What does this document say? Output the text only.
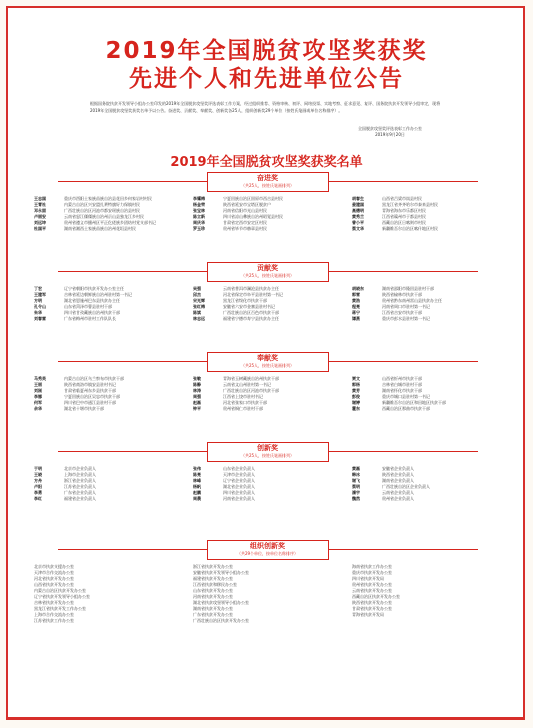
2019年全国脱贫攻坚奖获奖
先进个人和先进单位公告
根据国务院扶贫开发领导小组办公室印发的2019年全国脱贫攻坚奖评选表彰工作方案，经过组织推荐、资格审核、初评、网络投票、实地考察、征求意见、复评、国务院扶贫开发领导小组审定，现将2019年全国脱贫攻坚奖获奖名单予以公告。奋进奖、贡献奖、奉献奖、创新奖各25人，组织创新奖29个单位（按姓氏笔画或单位名称排序）。
全国脱贫攻坚奖评选表彰工作办公室
2019年9月20日
2019年全国脱贫攻坚奖获奖名单
奋进奖
（共25人，按姓氏笔画排列）
王志国	重庆市酉阳土家族苗族自治县花田乡何家岩村村民
王青社	内蒙古自治区兴安盟扎赉特旗好力保镇村民
邓永固	广西壮族自治区河池市都安瑶族自治县村民
卢丽安	云南省怒江傈僳族自治州贡山县独龙江乡村民
刘远坤	贵州省遵义市播州区平正仡佬族乡团结村党支部书记
杜国平	湖南省湘西土家族苗族自治州花垣县村民
李耀梅	宁夏回族自治区固原市西吉县村民
杨金荣	陕西省延安市宝塔区脱贫户
张宝林	河南省信阳市光山县村民
陈立新	四川省凉山彝族自治州昭觉县村民
周庆华	甘肃省定西市安定区村民
罗玉珍	贵州省毕节市赫章县村民
胡春生	山西省吕梁市岚县村民
姜建国	黑龙江省齐齐哈尔市泰来县村民
高德明	青海省海东市乐都区村民
黄秀兰	江西省赣州市于都县村民
曾小平	西藏自治区日喀则市村民
蔡文华	新疆维吾尔自治区喀什地区村民
贡献奖
（共25人，按姓氏笔画排列）
丁宏	辽宁省朝阳市扶贫开发办公室主任
王建军	吉林省延边朝鲜族自治州驻村第一书记
方明	湖北省恩施州巴东县扶贫办主任
孔令山	山东省菏泽市曹县驻村干部
朱华	四川省甘孜藏族自治州扶贫干部
刘春雷	广东省梅州市驻村工作队队长
吴强	云南省普洱市澜沧县扶贫办主任
邱杰	河北省保定市阜平县驻村第一书记
宋光辉	黑龙江省绥化市扶贫干部
张红梅	安徽省六安市金寨县驻村书记
陈斌	广西壮族自治区百色市扶贫干部
林志远	福建省宁德市寿宁县扶贫办主任
胡晓东	湖南省邵阳市隆回县驻村干部
郭雪	陕西省榆林市扶贫干部
黄浩	贵州省黔东南州雷山县扶贫办主任
程亮	河南省周口市驻村第一书记
蒋宁	江西省吉安市扶贫干部
谭燕	重庆市彭水县驻村第一书记
奉献奖
（共25人，按姓氏笔画排列）
马秀英	内蒙古自治区乌兰察布市扶贫干部
王丽	陕西省商洛市镇安县驻村书记
刘刚	甘肃省临夏州东乡县扶贫干部
李娜	宁夏回族自治区吴忠市扶贫干部
何军	四川省巴中市通江县驻村干部
余华	湖北省十堰市扶贫干部
张敏	青海省玉树藏族自治州扶贫干部
陈静	云南省文山州驻村第一书记
林涛	广西壮族自治区河池市扶贫干部
周强	江西省上饶市驻村书记
赵磊	河北省张家口市扶贫干部
钟平	贵州省铜仁市驻村干部
贾文	山西省忻州市扶贫干部
郭杨	吉林省白城市驻村干部
黄芳	湖南省怀化市扶贫干部
彭俊	重庆市城口县驻村第一书记
谢婷	新疆维吾尔自治区和田地区扶贫干部
霍东	西藏自治区那曲市扶贫干部
创新奖
（共25人，按姓氏笔画排列）
于明	北京市企业负责人
王晓	上海市企业负责人
方舟	浙江省企业负责人
卢阳	江苏省企业负责人
李勇	广东省企业负责人
李红	福建省企业负责人
张伟	山东省企业负责人
陈亮	天津市企业负责人
林峰	辽宁省企业负责人
杨帆	湖北省企业负责人
赵鹏	四川省企业负责人
周晨	河南省企业负责人
黄磊	安徽省企业负责人
韩冰	陕西省企业负责人
谢飞	湖南省企业负责人
蔡明	广西壮族自治区企业负责人
潘宇	云南省企业负责人
魏然	贵州省企业负责人
组织创新奖
（共29个单位，按单位名称排序）
北京市扶贫支援办公室
天津市合作交流办公室
河北省扶贫开发办公室
山西省扶贫开发办公室
内蒙古自治区扶贫开发办公室
辽宁省扶贫开发领导小组办公室
吉林省扶贫开发办公室
黑龙江省扶贫开发工作办公室
上海市合作交流办公室
江苏省扶贫工作办公室
浙江省扶贫开发办公室
安徽省扶贫开发领导小组办公室
福建省扶贫开发办公室
江西省扶贫和移民办公室
山东省扶贫开发办公室
河南省扶贫开发办公室
湖北省扶贫攻坚领导小组办公室
湖南省扶贫开发办公室
广东省扶贫开发办公室
广西壮族自治区扶贫开发办公室
海南省扶贫工作办公室
重庆市扶贫开发办公室
四川省扶贫开发局
贵州省扶贫开发办公室
云南省扶贫开发办公室
西藏自治区扶贫开发办公室
陕西省扶贫开发办公室
甘肃省扶贫开发办公室
青海省扶贫开发局
